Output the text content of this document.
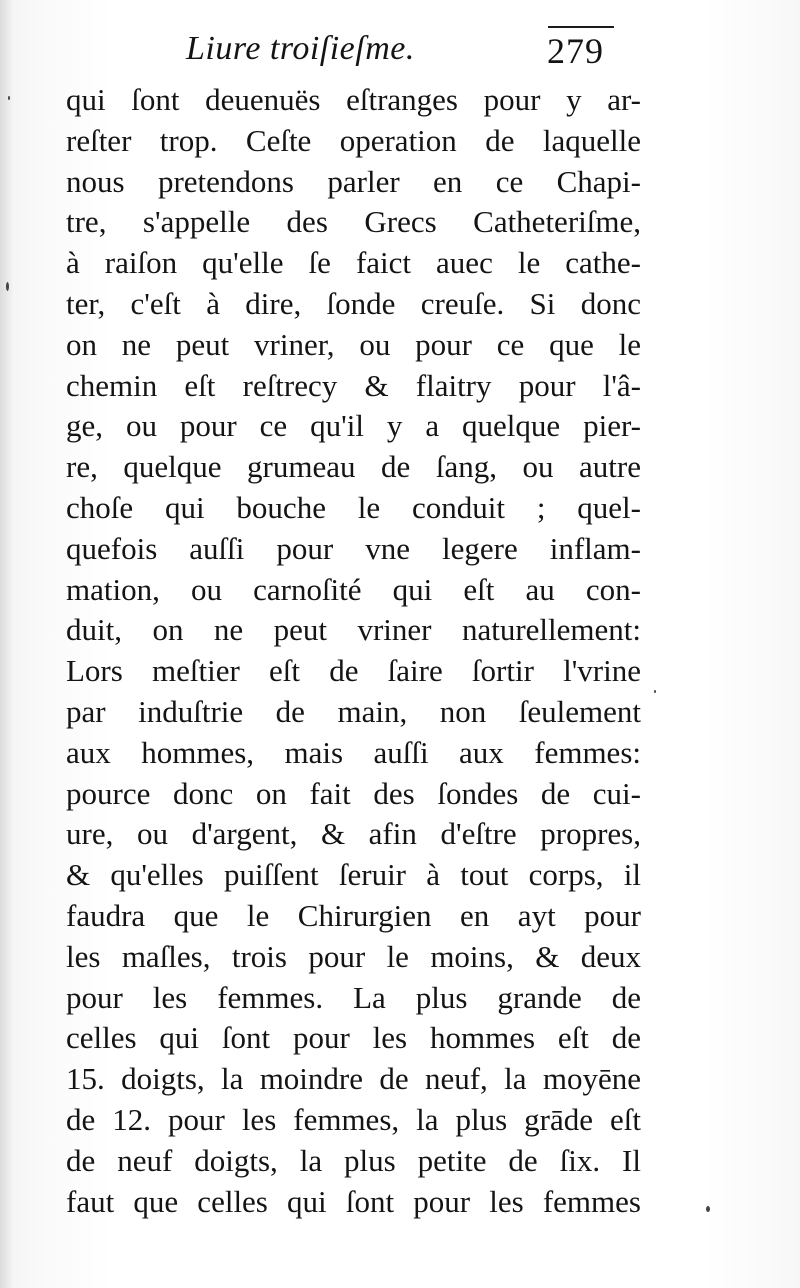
Liure troiſieſme.	279
qui ſont deuenuës eſtranges pour y ar-
reſter trop. Ceſte operation de laquelle
nous pretendons parler en ce Chapi-
tre, s'appelle des Grecs Catheteriſme,
à raiſon qu'elle ſe faict auec le cathe-
ter, c'eſt à dire, ſonde creuſe. Si donc
on ne peut vriner, ou pour ce que le
chemin eſt reſtrecy & flaitry pour l'â-
ge, ou pour ce qu'il y a quelque pier-
re, quelque grumeau de ſang, ou autre
choſe qui bouche le conduit ; quel-
quefois auſſi pour vne legere inflam-
mation, ou carnoſité qui eſt au con-
duit, on ne peut vriner naturellement:
Lors meſtier eſt de ſaire ſortir l'vrine
par induſtrie de main, non ſeulement
aux hommes, mais auſſi aux femmes:
pource donc on fait des ſondes de cui-
ure, ou d'argent, & afin d'eſtre propres,
& qu'elles puiſſent ſeruir à tout corps, il
faudra que le Chirurgien en ayt pour
les maſles, trois pour le moins, & deux
pour les femmes. La plus grande de
celles qui ſont pour les hommes eſt de
15. doigts, la moindre de neuf, la moyēne
de 12. pour les femmes, la plus grāde eſt
de neuf doigts, la plus petite de ſix. Il
faut que celles qui ſont pour les femmes
